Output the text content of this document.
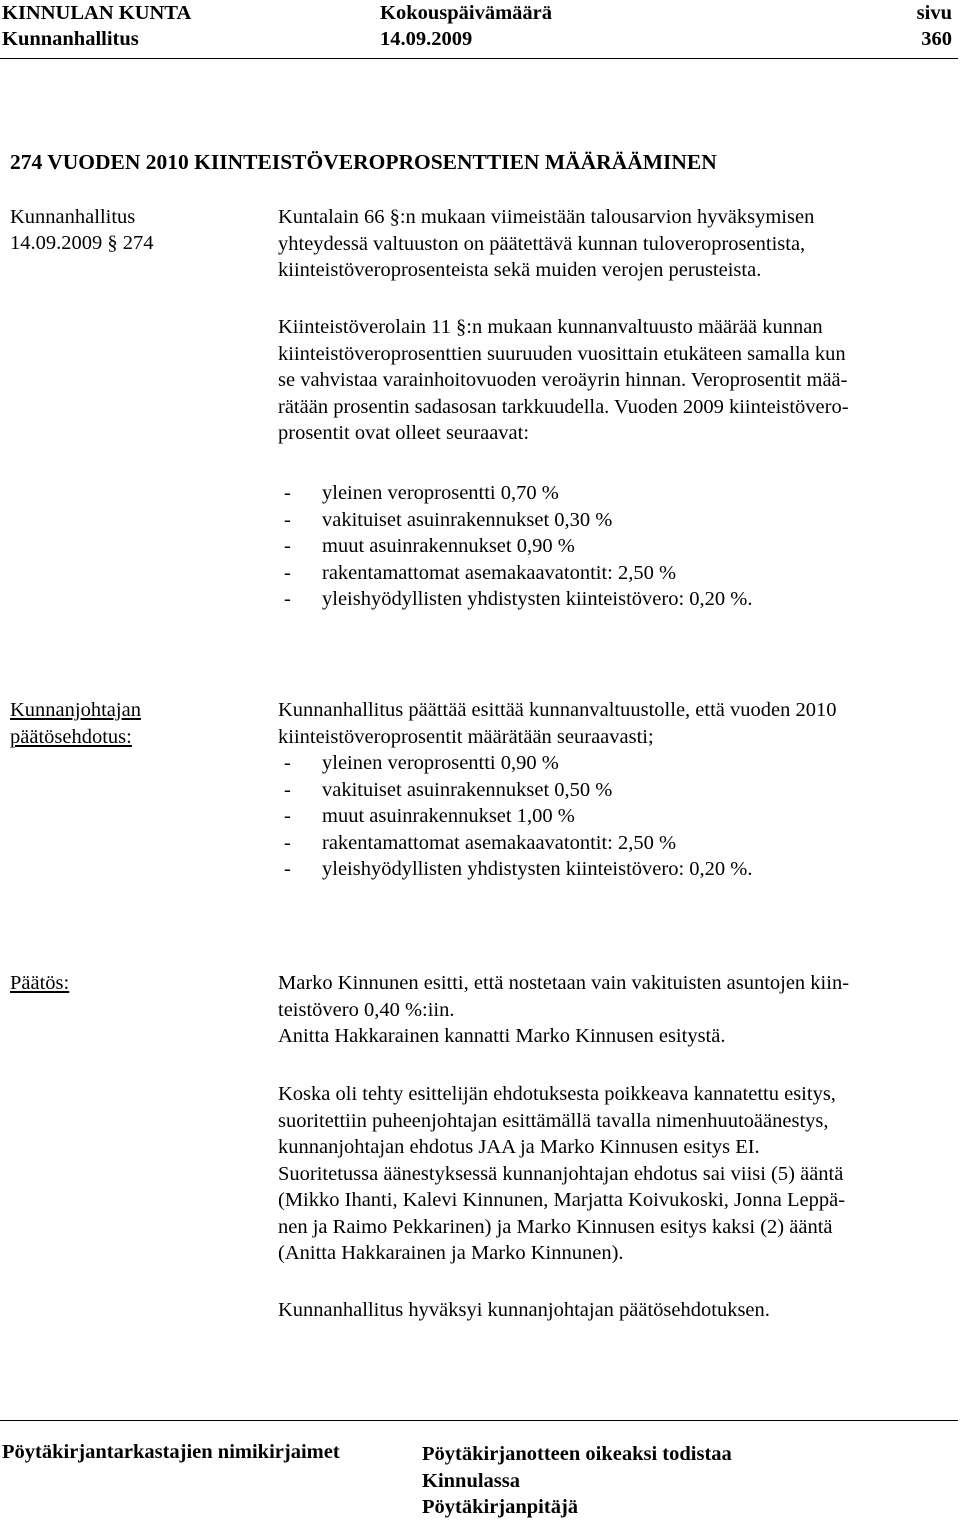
KINNULAN KUNTA
Kunnanhallitus
Kokouspäivämäärä
14.09.2009
sivu
360
274 VUODEN 2010 KIINTEISTÖVEROPROSENTTIEN MÄÄRÄÄMINEN
Kunnanhallitus
14.09.2009 § 274
Kuntalain 66 §:n mukaan viimeistään talousarvion hyväksymisen
yhteydessä valtuuston on päätettävä kunnan tuloveroprosentista,
kiinteistöveroprosenteista sekä muiden verojen perusteista.
Kiinteistöverolain 11 §:n mukaan kunnanvaltuusto määrää kunnan
kiinteistöveroprosenttien suuruuden vuosittain etukäteen samalla kun
se vahvistaa varainhoitovuoden veroäyrin hinnan. Veroprosentit mää-
rätään prosentin sadasosan tarkkuudella. Vuoden 2009 kiinteistövero-
prosentit ovat olleet seuraavat:
- yleinen veroprosentti 0,70 %
- vakituiset asuinrakennukset 0,30 %
- muut asuinrakennukset 0,90 %
- rakentamattomat asemakaavatontit: 2,50 %
- yleishyödyllisten yhdistysten kiinteistövero: 0,20 %.
Kunnanjohtajan
päätösehdotus:
Kunnanhallitus päättää esittää kunnanvaltuustolle, että vuoden 2010
kiinteistöveroprosentit määrätään seuraavasti;
- yleinen veroprosentti 0,90 %
- vakituiset asuinrakennukset 0,50 %
- muut asuinrakennukset 1,00 %
- rakentamattomat asemakaavatontit: 2,50 %
- yleishyödyllisten yhdistysten kiinteistövero: 0,20 %.
Päätös:	Marko Kinnunen esitti, että nostetaan vain vakituisten asuntojen kiin-
teistövero 0,40 %:iin.
Anitta Hakkarainen kannatti Marko Kinnusen esitystä.
Koska oli tehty esittelijän ehdotuksesta poikkeava kannatettu esitys,
suoritettiin puheenjohtajan esittämällä tavalla nimenhuutoäänestys,
kunnanjohtajan ehdotus JAA ja Marko Kinnusen esitys EI.
Suoritetussa äänestyksessä kunnanjohtajan ehdotus sai viisi (5) ääntä
(Mikko Ihanti, Kalevi Kinnunen, Marjatta Koivukoski, Jonna Leppä-
nen ja Raimo Pekkarinen) ja Marko Kinnusen esitys kaksi (2) ääntä
(Anitta Hakkarainen ja Marko Kinnunen).
Kunnanhallitus hyväksyi kunnanjohtajan päätösehdotuksen.
Pöytäkirjantarkastajien nimikirjaimet	Pöytäkirjanotteen oikeaksi todistaa
Kinnulassa
Pöytäkirjanpitäjä
